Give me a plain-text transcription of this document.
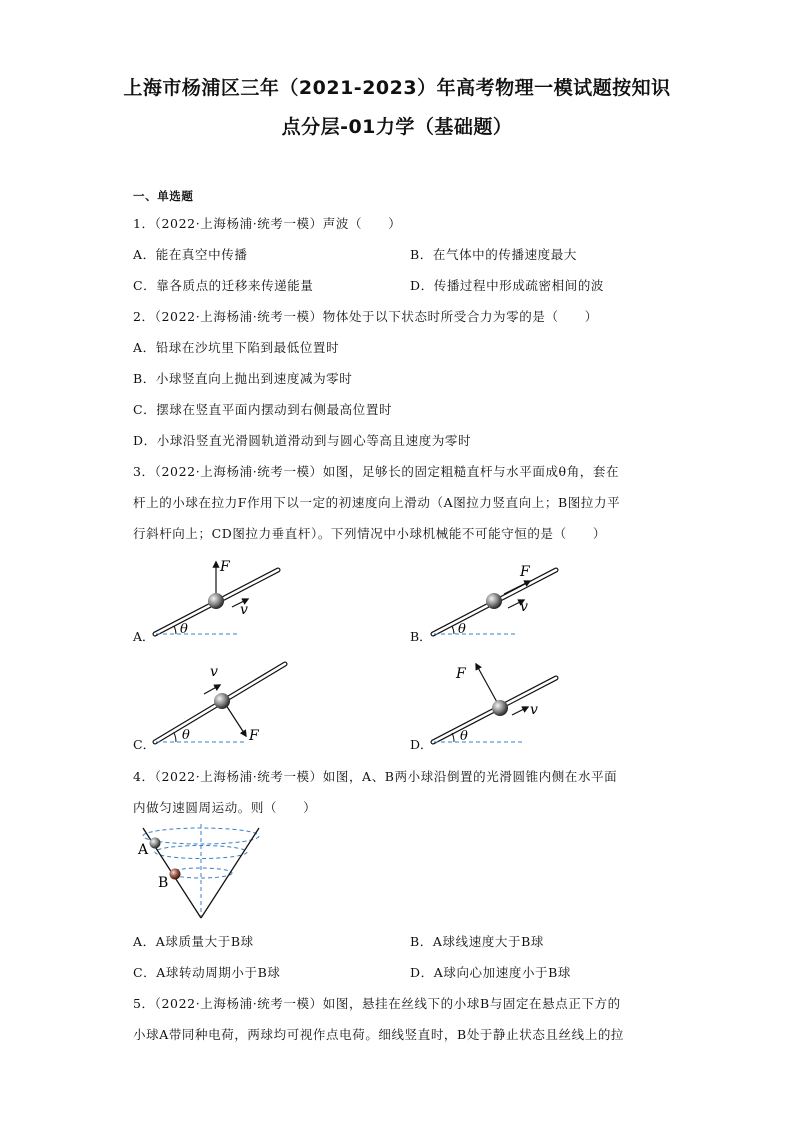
上海市杨浦区三年（2021-2023）年高考物理一模试题按知识
点分层-01力学（基础题）
一、单选题
1．（2022·上海杨浦·统考一模）声波（　　）
A．能在真空中传播	B．在气体中的传播速度最大
C．靠各质点的迁移来传递能量	D．传播过程中形成疏密相间的波
2．（2022·上海杨浦·统考一模）物体处于以下状态时所受合力为零的是（　　）
A．铅球在沙坑里下陷到最低位置时
B．小球竖直向上抛出到速度减为零时
C．摆球在竖直平面内摆动到右侧最高位置时
D．小球沿竖直光滑圆轨道滑动到与圆心等高且速度为零时
3．（2022·上海杨浦·统考一模）如图，足够长的固定粗糙直杆与水平面成θ角，套在
杆上的小球在拉力F作用下以一定的初速度向上滑动（A图拉力竖直向上；B图拉力平
行斜杆向上；CD图拉力垂直杆）。下列情况中小球机械能不可能守恒的是（　　）
A． θ
F
v
B． θ
F
v
C．
θ
v
F
D．
θ
F
v
4．（2022·上海杨浦·统考一模）如图，A、B两小球沿倒置的光滑圆锥内侧在水平面
内做匀速圆周运动。则（　　）
A
B
A．A球质量大于B球	B．A球线速度大于B球
C．A球转动周期小于B球	D．A球向心加速度小于B球
5．（2022·上海杨浦·统考一模）如图，悬挂在丝线下的小球B与固定在悬点正下方的
小球A带同种电荷，两球均可视作点电荷。细线竖直时，B处于静止状态且丝线上的拉
